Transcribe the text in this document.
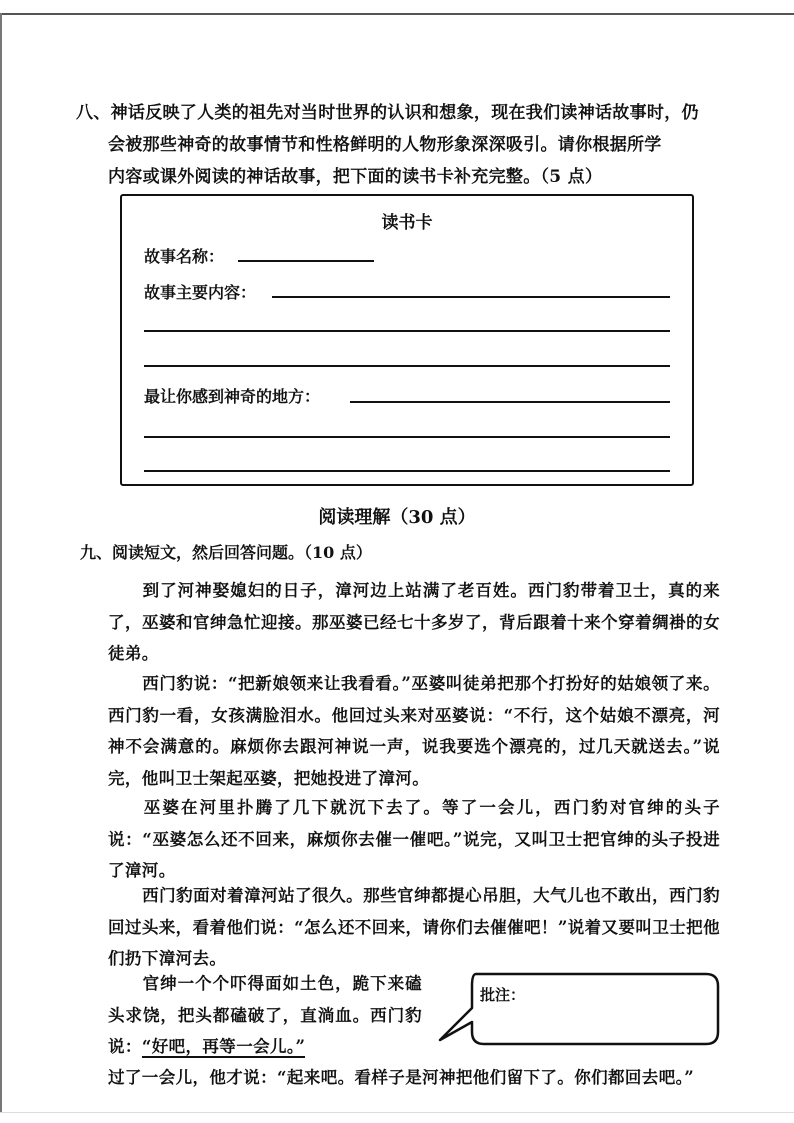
八、神话反映了人类的祖先对当时世界的认识和想象，现在我们读神话故事时，仍
会被那些神奇的故事情节和性格鲜明的人物形象深深吸引。请你根据所学
内容或课外阅读的神话故事，把下面的读书卡补充完整。（5 点）
读书卡
故事名称：
故事主要内容：
最让你感到神奇的地方：
阅读理解（30 点）
九、阅读短文，然后回答问题。（10 点）
到了河神娶媳妇的日子，漳河边上站满了老百姓。西门豹带着卫士，真的来了，巫婆和官绅急忙迎接。那巫婆已经七十多岁了，背后跟着十来个穿着绸褂的女徒弟。
西门豹说：“把新娘领来让我看看。”巫婆叫徒弟把那个打扮好的姑娘领了来。西门豹一看，女孩满脸泪水。他回过头来对巫婆说：“不行，这个姑娘不漂亮，河神不会满意的。麻烦你去跟河神说一声，说我要选个漂亮的，过几天就送去。”说完，他叫卫士架起巫婆，把她投进了漳河。
巫婆在河里扑腾了几下就沉下去了。等了一会儿，西门豹对官绅的头子说：“巫婆怎么还不回来，麻烦你去催一催吧。”说完，又叫卫士把官绅的头子投进了漳河。
西门豹面对着漳河站了很久。那些官绅都提心吊胆，大气儿也不敢出，西门豹回过头来，看着他们说：“怎么还不回来，请你们去催催吧！”说着又要叫卫士把他们扔下漳河去。
官绅一个个吓得面如土色，跪下来磕头求饶，把头都磕破了，直淌血。西门豹说：“好吧，再等一会儿。”
过了一会儿，他才说：“起来吧。看样子是河神把他们留下了。你们都回去吧。”
批注：
